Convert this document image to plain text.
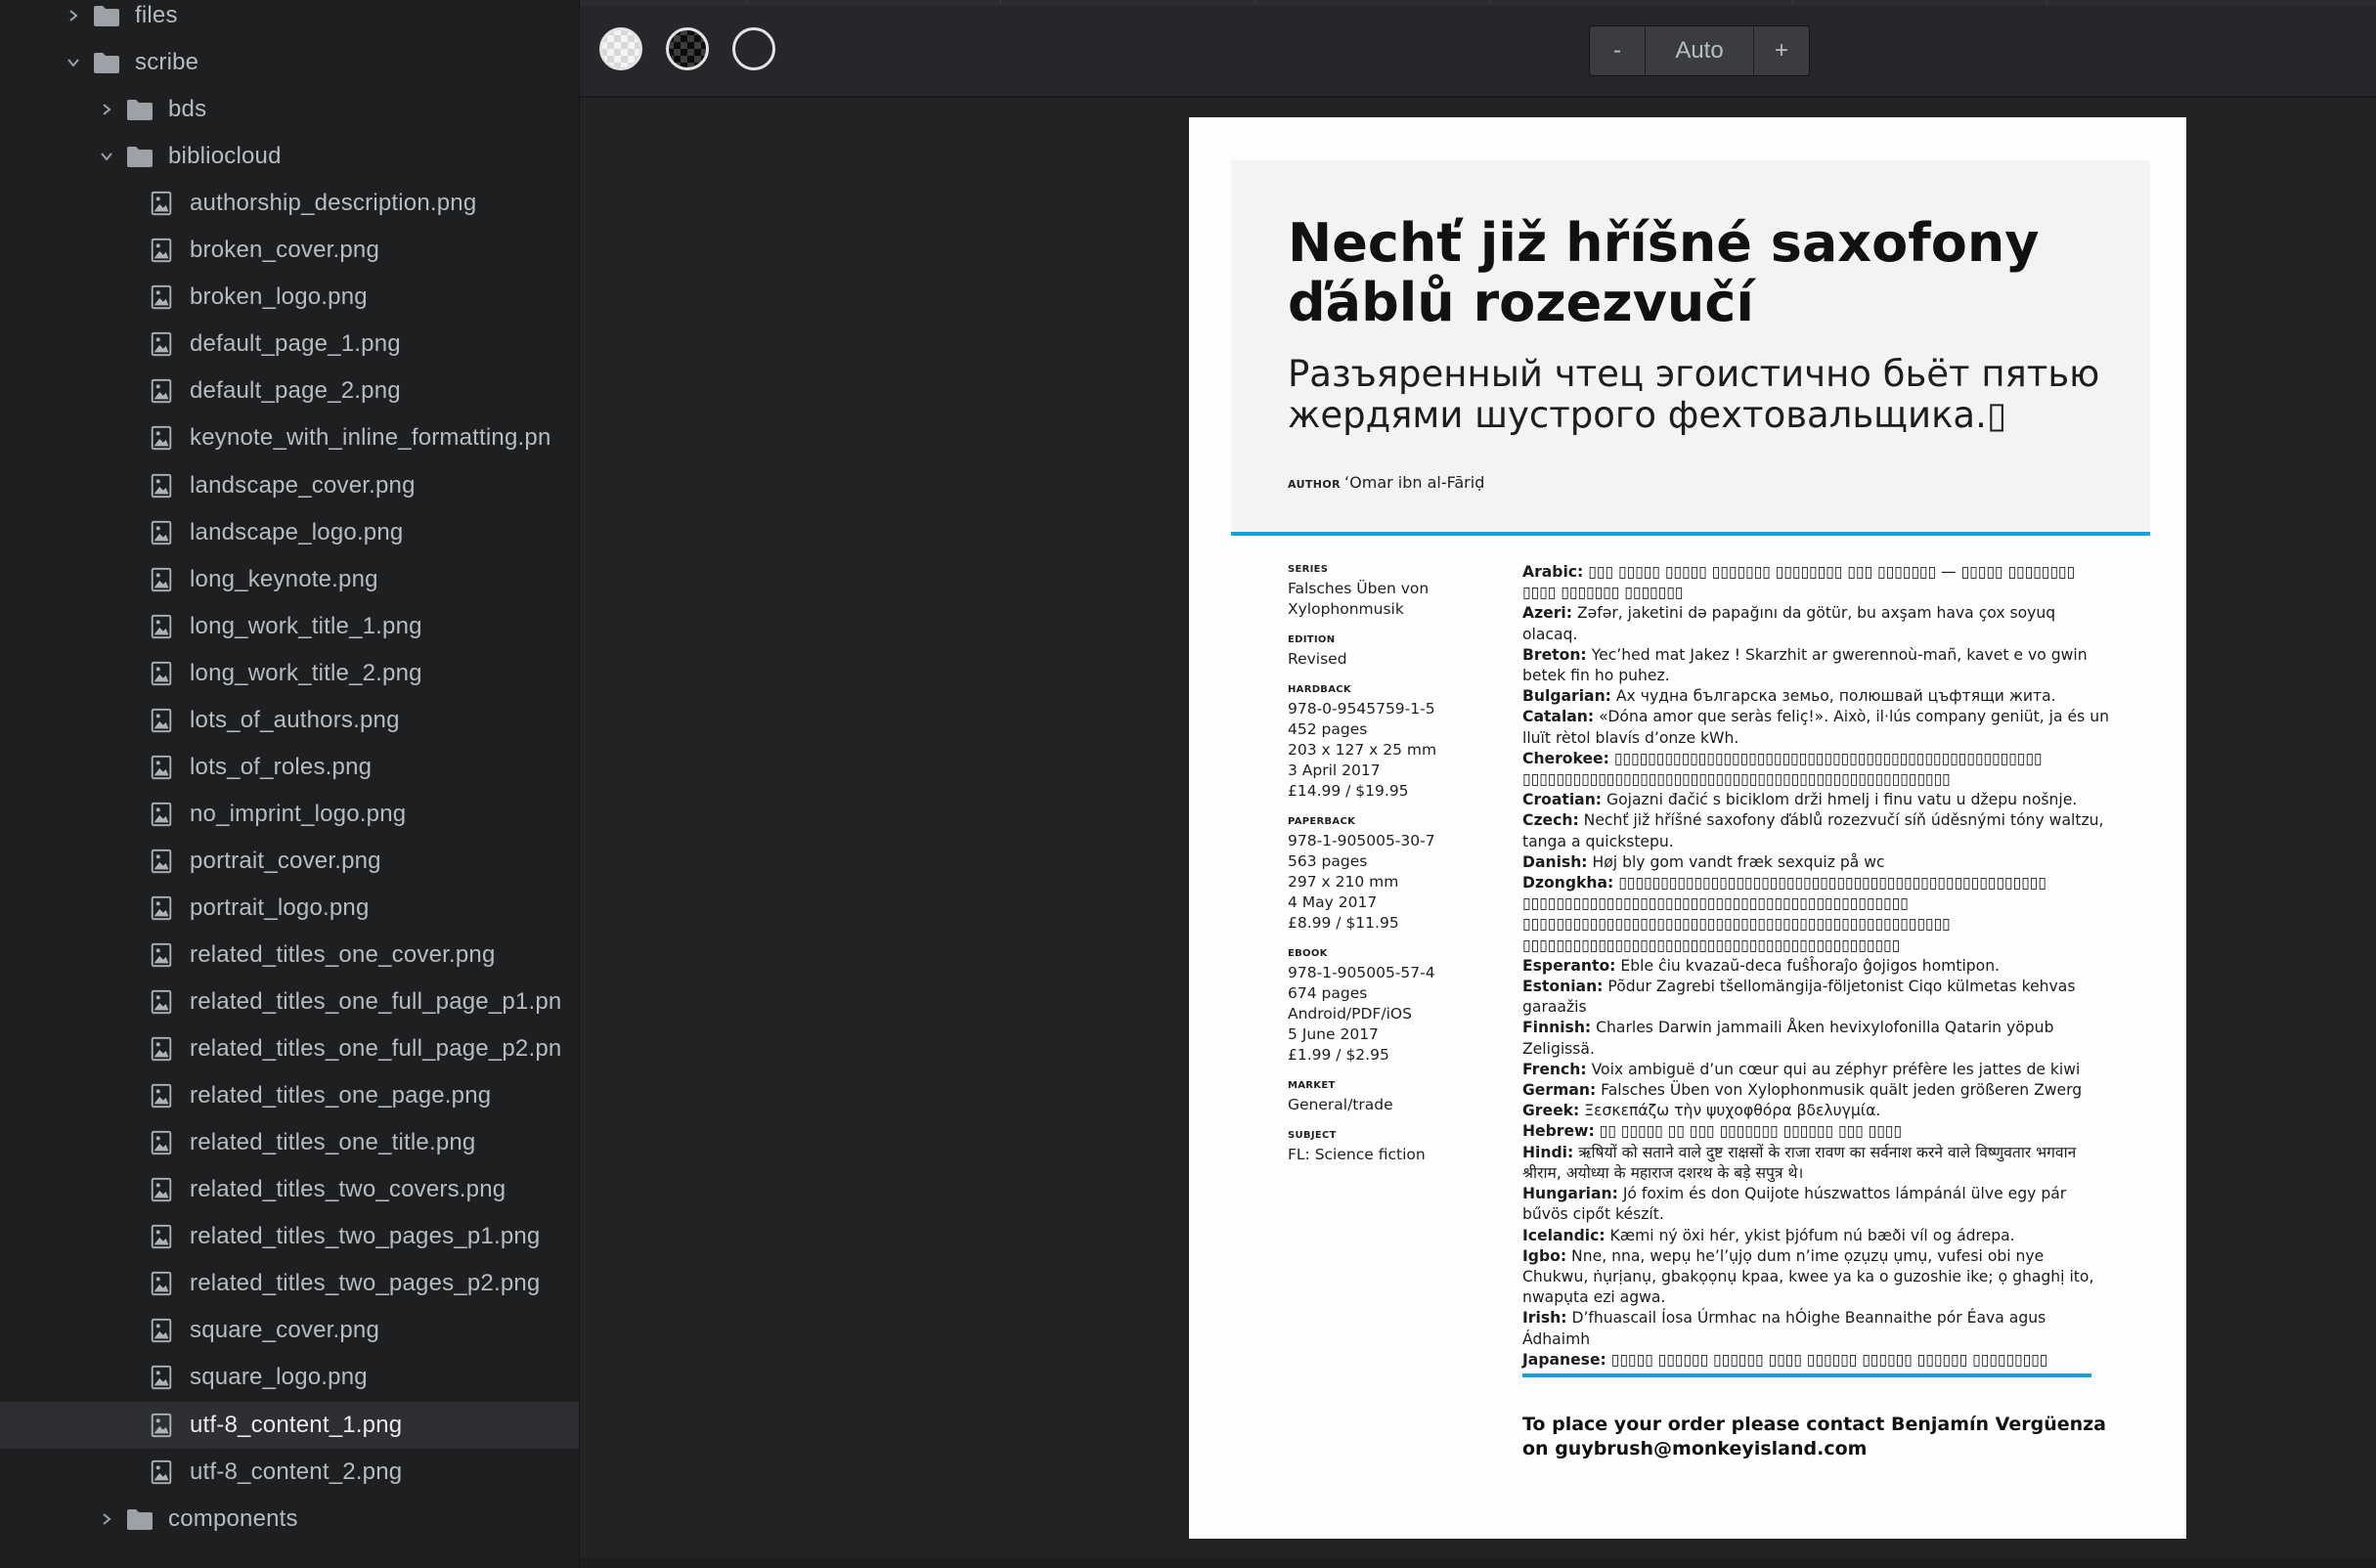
files
scribe
bds
bibliocloud
authorship_description.png
broken_cover.png
broken_logo.png
default_page_1.png
default_page_2.png
keynote_with_inline_formatting.pn
landscape_cover.png
landscape_logo.png
long_keynote.png
long_work_title_1.png
long_work_title_2.png
lots_of_authors.png
lots_of_roles.png
no_imprint_logo.png
portrait_cover.png
portrait_logo.png
related_titles_one_cover.png
related_titles_one_full_page_p1.pn
related_titles_one_full_page_p2.pn
related_titles_one_page.png
related_titles_one_title.png
related_titles_two_covers.png
related_titles_two_pages_p1.png
related_titles_two_pages_p2.png
square_cover.png
square_logo.png
utf-8_content_1.png
utf-8_content_2.png
components
-	Auto	+
Nechť již hříšné saxofony ďáblů rozezvučí

Разъяренный чтец эгоистично бьёт пятью жердями шустрого фехтовальщика.▯

AUTHOR ʻOmar ibn al-Fāriḍ
SERIES
Falsches Üben von
Xylophonmusik
EDITION
Revised
HARDBACK
978-0-9545759-1-5
452 pages
203 x 127 x 25 mm
3 April 2017
£14.99 / $19.95
PAPERBACK
978-1-905005-30-7
563 pages
297 x 210 mm
4 May 2017
£8.99 / $11.95
EBOOK
978-1-905005-57-4
674 pages
Android/PDF/iOS
5 June 2017
£1.99 / $2.95
MARKET
General/trade
SUBJECT
FL: Science fiction

Arabic: ▯▯▯ ▯▯▯▯▯ ▯▯▯▯▯ ▯▯▯▯▯▯▯ ▯▯▯▯▯▯▯▯ ▯▯▯ ▯▯▯▯▯▯▯ — ▯▯▯▯▯ ▯▯▯▯▯▯▯▯ ▯▯▯▯ ▯▯▯▯▯▯▯ ▯▯▯▯▯▯▯

Azeri: Zəfər, jaketini də papağını da götür, bu axşam hava çox soyuq olacaq.

Breton: Yec’hed mat Jakez ! Skarzhit ar gwerennoù-mañ, kavet e vo gwin betek fin ho puhez.

Bulgarian: Ах чудна българска земьо, полюшвай цъфтящи жита.

Catalan: «Dóna amor que seràs feliç!». Això, il·lús company geniüt, ja és un lluït rètol blavís d’onze kWh.

Cherokee: ▯▯▯▯▯▯▯▯▯▯▯▯▯▯▯▯▯▯▯▯▯▯▯▯▯▯▯▯▯▯▯▯▯▯▯▯▯▯▯▯▯▯▯▯▯▯▯▯▯▯▯ ▯▯▯▯▯▯▯▯▯▯▯▯▯▯▯▯▯▯▯▯▯▯▯▯▯▯▯▯▯▯▯▯▯▯▯▯▯▯▯▯▯▯▯▯▯▯▯▯▯▯▯

Croatian: Gojazni đačić s biciklom drži hmelj i finu vatu u džepu nošnje.

Czech: Nechť již hříšné saxofony ďáblů rozezvučí síň úděsnými tóny waltzu, tanga a quickstepu.

Danish: Høj bly gom vandt fræk sexquiz på wc

Dzongkha: ▯▯▯▯▯▯▯▯▯▯▯▯▯▯▯▯▯▯▯▯▯▯▯▯▯▯▯▯▯▯▯▯▯▯▯▯▯▯▯▯▯▯▯▯▯▯▯▯▯▯▯ ▯▯▯▯▯▯▯▯▯▯▯▯▯▯▯▯▯▯▯▯▯▯▯▯▯▯▯▯▯▯▯▯▯▯▯▯▯▯▯▯▯▯▯▯▯▯ ▯▯▯▯▯▯▯▯▯▯▯▯▯▯▯▯▯▯▯▯▯▯▯▯▯▯▯▯▯▯▯▯▯▯▯▯▯▯▯▯▯▯▯▯▯▯▯▯▯▯▯ ▯▯▯▯▯▯▯▯▯▯▯▯▯▯▯▯▯▯▯▯▯▯▯▯▯▯▯▯▯▯▯▯▯▯▯▯▯▯▯▯▯▯▯▯▯

Esperanto: Eble ĉiu kvazaŭ-deca fuŝĥoraĵo ĝojigos homtipon.

Estonian: Põdur Zagrebi tšellomängija-följetonist Ciqo külmetas kehvas garaažis

Finnish: Charles Darwin jammaili Åken hevixylofonilla Qatarin yöpub Zeligissä.

French: Voix ambiguë d’un cœur qui au zéphyr préfère les jattes de kiwi

German: Falsches Üben von Xylophonmusik quält jeden größeren Zwerg

Greek: Ξεσκεπάζω τὴν ψυχοφθόρα βδελυγμία.

Hebrew: ▯▯ ▯▯▯▯▯ ▯▯ ▯▯▯ ▯▯▯▯▯▯▯ ▯▯▯▯▯▯ ▯▯▯ ▯▯▯▯

Hindi: ऋषियों को सताने वाले दुष्ट राक्षसों के राजा रावण का सर्वनाश करने वाले विष्णुवतार भगवान श्रीराम, अयोध्या के महाराज दशरथ के बड़े सपुत्र थे।

Hungarian: Jó foxim és don Quijote húszwattos lámpánál ülve egy pár bűvös cipőt készít.

Icelandic: Kæmi ný öxi hér, ykist þjófum nú bæði víl og ádrepa.

Igbo: Nne, nna, wepụ he’l’ụjọ dum n’ime ọzụzụ ụmụ, vufesi obi nye Chukwu, ṅụrịanụ, gbakọọnụ kpaa, kwee ya ka o guzoshie ike; ọ ghaghị ito, nwapụta ezi agwa.

Irish: D’fhuascail Íosa Úrmhac na hÓighe Beannaithe pór Éava agus Ádhaimh

Japanese: ▯▯▯▯▯ ▯▯▯▯▯▯ ▯▯▯▯▯▯ ▯▯▯▯ ▯▯▯▯▯▯ ▯▯▯▯▯▯ ▯▯▯▯▯▯ ▯▯▯▯▯▯▯▯▯

To place your order please contact Benjamín Vergüenza on guybrush@monkeyisland.com
